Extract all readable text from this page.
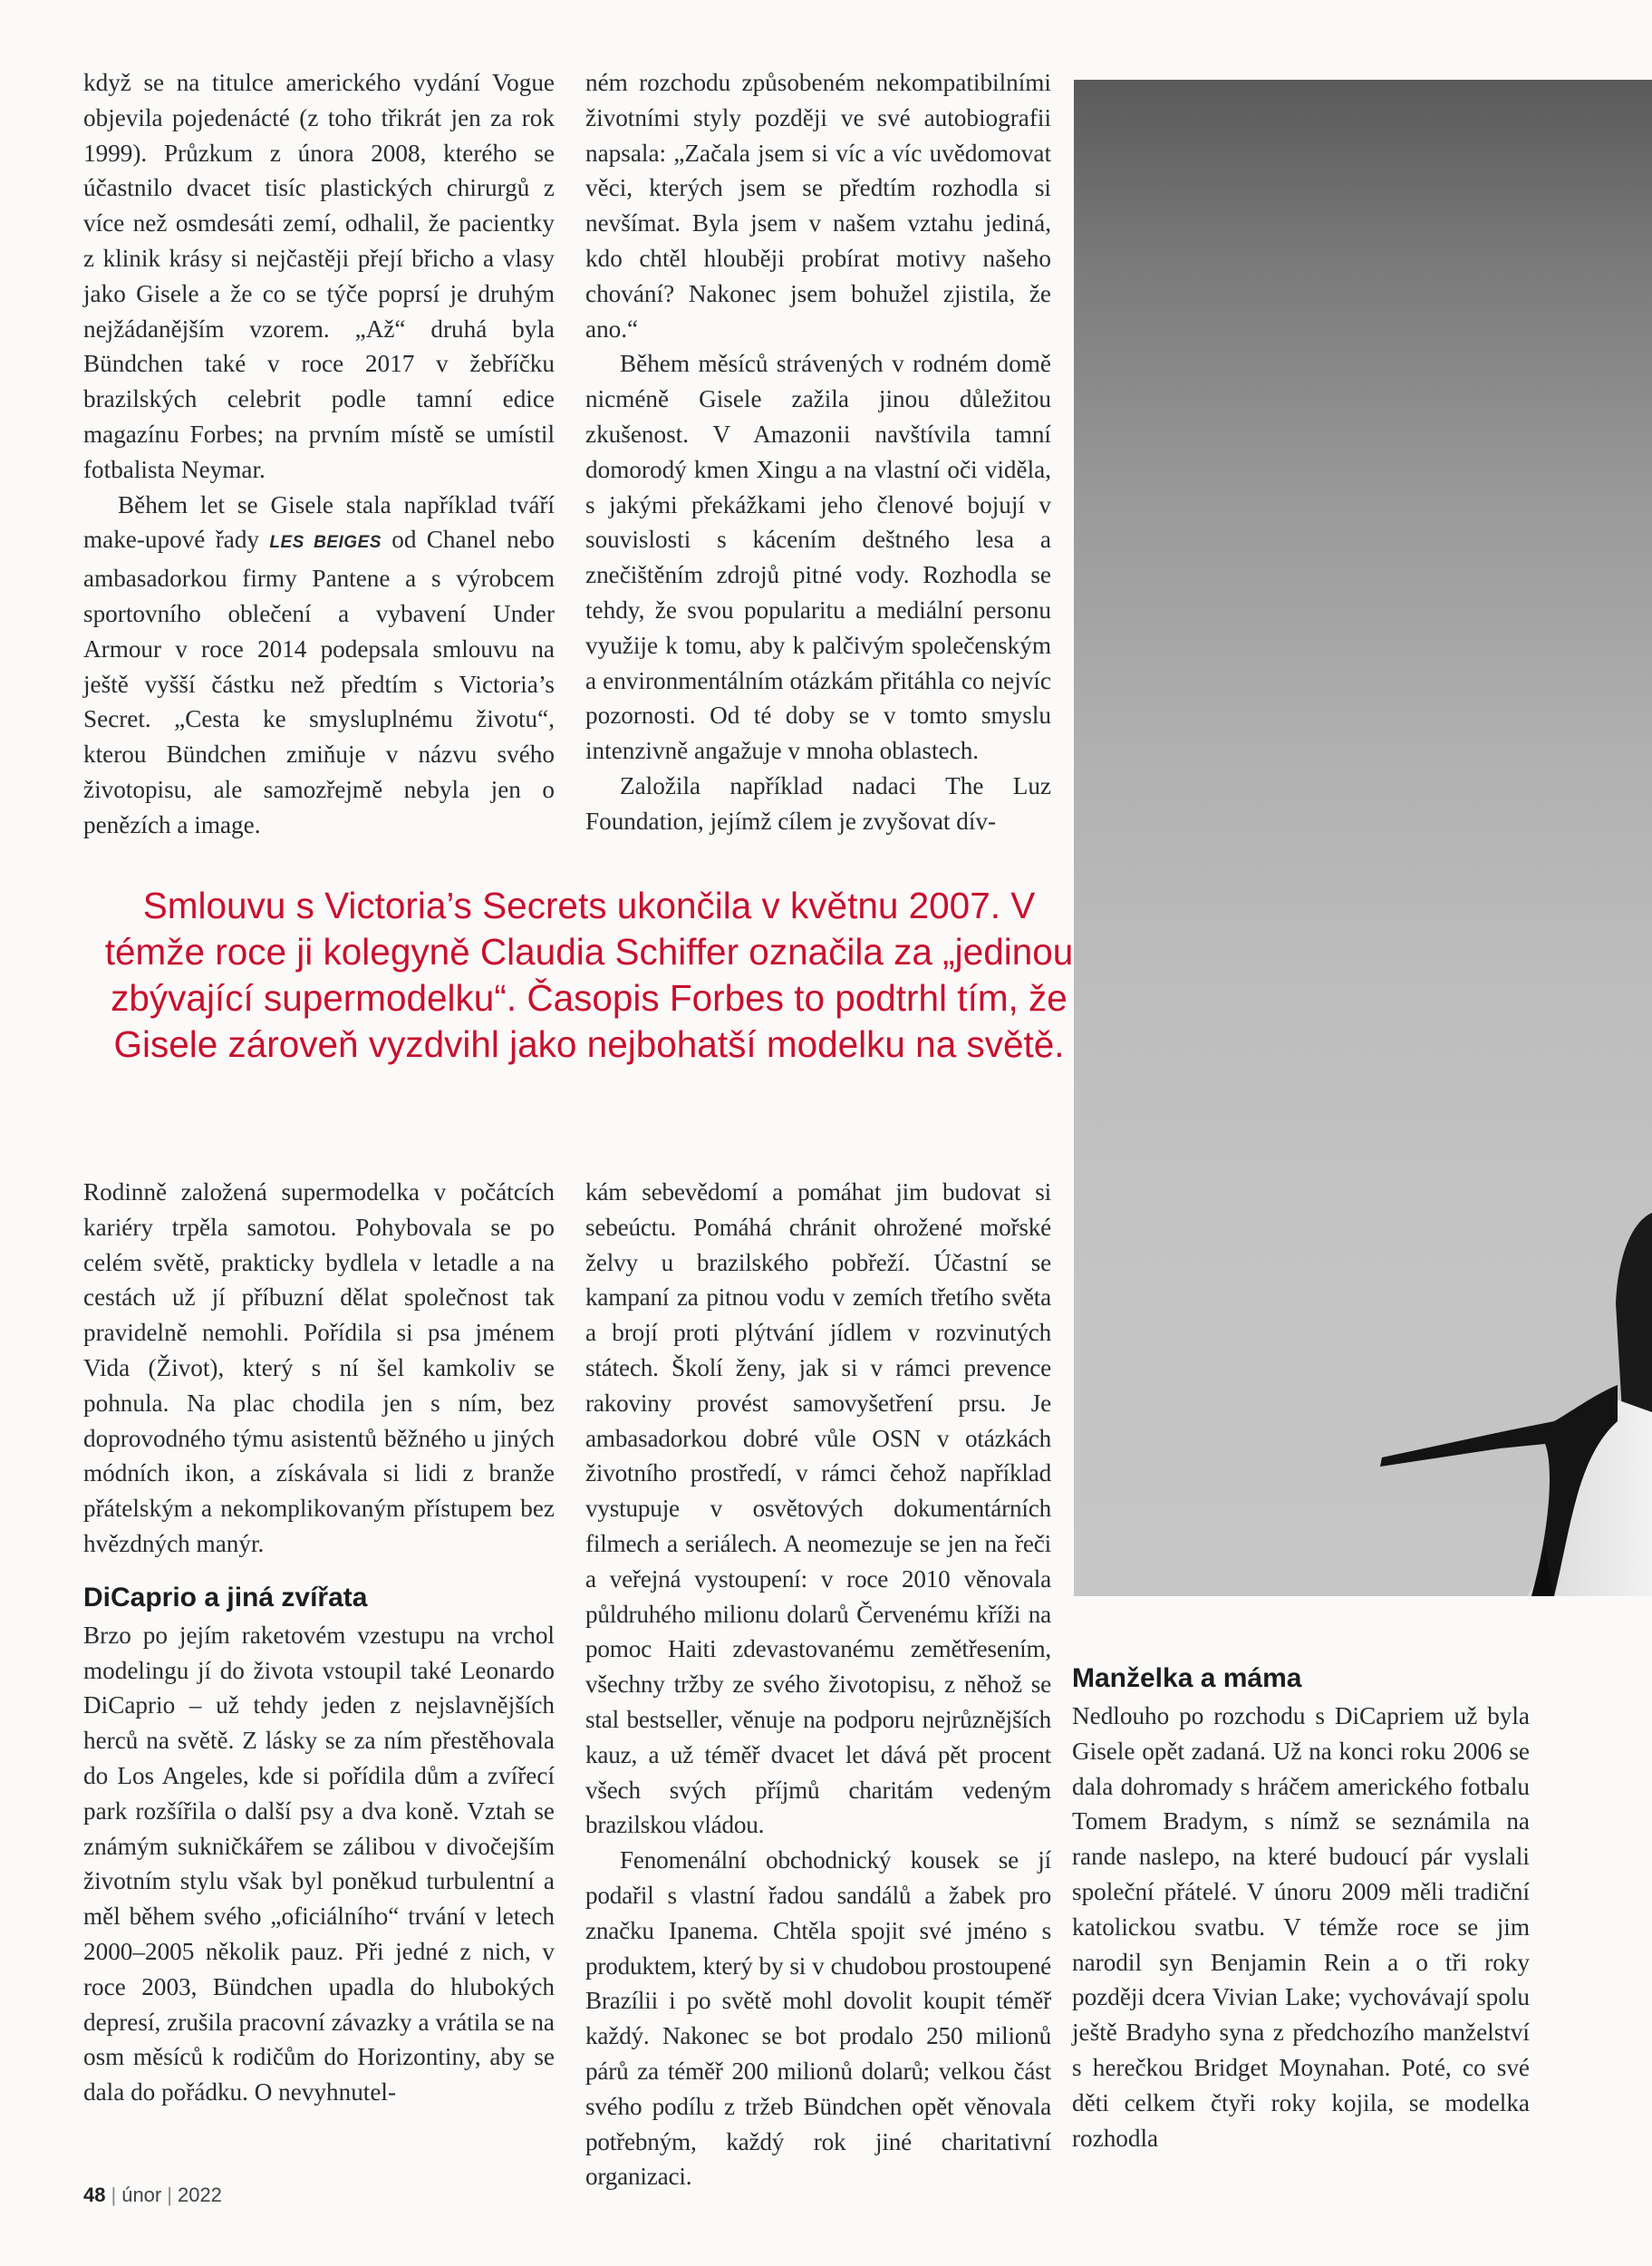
když se na titulce amerického vydání Vogue objevila pojedenácté (z toho třikrát jen za rok 1999). Průzkum z února 2008, kterého se účastnilo dvacet tisíc plastických chirurgů z více než osmdesáti zemí, odhalil, že pacientky z klinik krásy si nejčastěji přejí břicho a vlasy jako Gisele a že co se týče poprsí je druhým nejžádanějším vzorem. „Až“ druhá byla Bündchen také v roce 2017 v žebříčku brazilských celebrit podle tamní edice magazínu Forbes; na prvním místě se umístil fotbalista Neymar.

Během let se Gisele stala například tváří make-upové řady LES BEIGES od Chanel nebo ambasadorkou firmy Pantene a s výrobcem sportovního oblečení a vybavení Under Armour v roce 2014 podepsala smlouvu na ještě vyšší částku než předtím s Victoria’s Secret. „Cesta ke smysluplnému životu“, kterou Bündchen zmiňuje v názvu svého životopisu, ale samozřejmě nebyla jen o penězích a image.

ném rozchodu způsobeném nekompatibilními životními styly později ve své autobiografii napsala: „Začala jsem si víc a víc uvědomovat věci, kterých jsem se předtím rozhodla si nevšímat. Byla jsem v našem vztahu jediná, kdo chtěl hlouběji probírat motivy našeho chování? Nakonec jsem bohužel zjistila, že ano.“

Během měsíců strávených v rodném domě nicméně Gisele zažila jinou důležitou zkušenost. V Amazonii navštívila tamní domorodý kmen Xingu a na vlastní oči viděla, s jakými překážkami jeho členové bojují v souvislosti s kácením deštného lesa a znečištěním zdrojů pitné vody. Rozhodla se tehdy, že svou popularitu a mediální personu využije k tomu, aby k palčivým společenským a environmentálním otázkám přitáhla co nejvíc pozornosti. Od té doby se v tomto smyslu intenzivně angažuje v mnoha oblastech.

Založila například nadaci The Luz Foundation, jejímž cílem je zvyšovat dív-

Smlouvu s Victoria’s Secrets ukončila v květnu 2007. V témže roce ji kolegyně Claudia Schiffer označila za „jedinou zbývající supermodelku“. Časopis Forbes to podtrhl tím, že Gisele zároveň vyzdvihl jako nejbohatší modelku na světě.

Rodinně založená supermodelka v počátcích kariéry trpěla samotou. Pohybovala se po celém světě, prakticky bydlela v letadle a na cestách už jí příbuzní dělat společnost tak pravidelně nemohli. Pořídila si psa jménem Vida (Život), který s ní šel kamkoliv se pohnula. Na plac chodila jen s ním, bez doprovodného týmu asistentů běžného u jiných módních ikon, a získávala si lidi z branže přátelským a nekomplikovaným přístupem bez hvězdných manýr.

DiCaprio a jiná zvířata

Brzo po jejím raketovém vzestupu na vrchol modelingu jí do života vstoupil také Leonardo DiCaprio – už tehdy jeden z nejslavnějších herců na světě. Z lásky se za ním přestěhovala do Los Angeles, kde si pořídila dům a zvířecí park rozšířila o další psy a dva koně. Vztah se známým sukničkářem se zálibou v divočejším životním stylu však byl poněkud turbulentní a měl během svého „oficiálního“ trvání v letech 2000–2005 několik pauz. Při jedné z nich, v roce 2003, Bündchen upadla do hlubokých depresí, zrušila pracovní závazky a vrátila se na osm měsíců k rodičům do Horizontiny, aby se dala do pořádku. O nevyhnutel-

kám sebevědomí a pomáhat jim budovat si sebeúctu. Pomáhá chránit ohrožené mořské želvy u brazilského pobřeží. Účastní se kampaní za pitnou vodu v zemích třetího světa a brojí proti plýtvání jídlem v rozvinutých státech. Školí ženy, jak si v rámci prevence rakoviny provést samovyšetření prsu. Je ambasadorkou dobré vůle OSN v otázkách životního prostředí, v rámci čehož například vystupuje v osvětových dokumentárních filmech a seriálech. A neomezuje se jen na řeči a veřejná vystoupení: v roce 2010 věnovala půldruhého milionu dolarů Červenému kříži na pomoc Haiti zdevastovanému zemětřesením, všechny tržby ze svého životopisu, z něhož se stal bestseller, věnuje na podporu nejrůznějších kauz, a už téměř dvacet let dává pět procent všech svých příjmů charitám vedeným brazilskou vládou.

Fenomenální obchodnický kousek se jí podařil s vlastní řadou sandálů a žabek pro značku Ipanema. Chtěla spojit své jméno s produktem, který by si v chudobou prostoupené Brazílii i po světě mohl dovolit koupit téměř každý. Nakonec se bot prodalo 250 milionů párů za téměř 200 milionů dolarů; velkou část svého podílu z tržeb Bündchen opět věnovala potřebným, každý rok jiné charitativní organizaci.

Manželka a máma

Nedlouho po rozchodu s DiCapriem už byla Gisele opět zadaná. Už na konci roku 2006 se dala dohromady s hráčem amerického fotbalu Tomem Bradym, s nímž se seznámila na rande naslepo, na které budoucí pár vyslali společní přátelé. V únoru 2009 měli tradiční katolickou svatbu. V témže roce se jim narodil syn Benjamin Rein a o tři roky později dcera Vivian Lake; vychovávají spolu ještě Bradyho syna z předchozího manželství s herečkou Bridget Moynahan. Poté, co své děti celkem čtyři roky kojila, se modelka rozhodla

48 | únor | 2022
